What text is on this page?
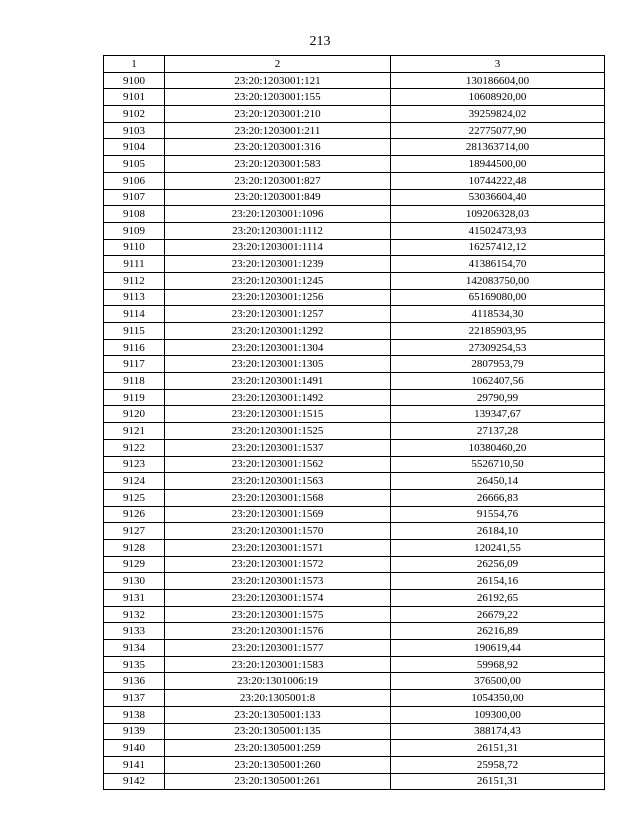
213
1	2	3
9100	23:20:1203001:121	130186604,00
9101	23:20:1203001:155	10608920,00
9102	23:20:1203001:210	39259824,02
9103	23:20:1203001:211	22775077,90
9104	23:20:1203001:316	281363714,00
9105	23:20:1203001:583	18944500,00
9106	23:20:1203001:827	10744222,48
9107	23:20:1203001:849	53036604,40
9108	23:20:1203001:1096	109206328,03
9109	23:20:1203001:1112	41502473,93
9110	23:20:1203001:1114	16257412,12
9111	23:20:1203001:1239	41386154,70
9112	23:20:1203001:1245	142083750,00
9113	23:20:1203001:1256	65169080,00
9114	23:20:1203001:1257	4118534,30
9115	23:20:1203001:1292	22185903,95
9116	23:20:1203001:1304	27309254,53
9117	23:20:1203001:1305	2807953,79
9118	23:20:1203001:1491	1062407,56
9119	23:20:1203001:1492	29790,99
9120	23:20:1203001:1515	139347,67
9121	23:20:1203001:1525	27137,28
9122	23:20:1203001:1537	10380460,20
9123	23:20:1203001:1562	5526710,50
9124	23:20:1203001:1563	26450,14
9125	23:20:1203001:1568	26666,83
9126	23:20:1203001:1569	91554,76
9127	23:20:1203001:1570	26184,10
9128	23:20:1203001:1571	120241,55
9129	23:20:1203001:1572	26256,09
9130	23:20:1203001:1573	26154,16
9131	23:20:1203001:1574	26192,65
9132	23:20:1203001:1575	26679,22
9133	23:20:1203001:1576	26216,89
9134	23:20:1203001:1577	190619,44
9135	23:20:1203001:1583	59968,92
9136	23:20:1301006:19	376500,00
9137	23:20:1305001:8	1054350,00
9138	23:20:1305001:133	109300,00
9139	23:20:1305001:135	388174,43
9140	23:20:1305001:259	26151,31
9141	23:20:1305001:260	25958,72
9142	23:20:1305001:261	26151,31
